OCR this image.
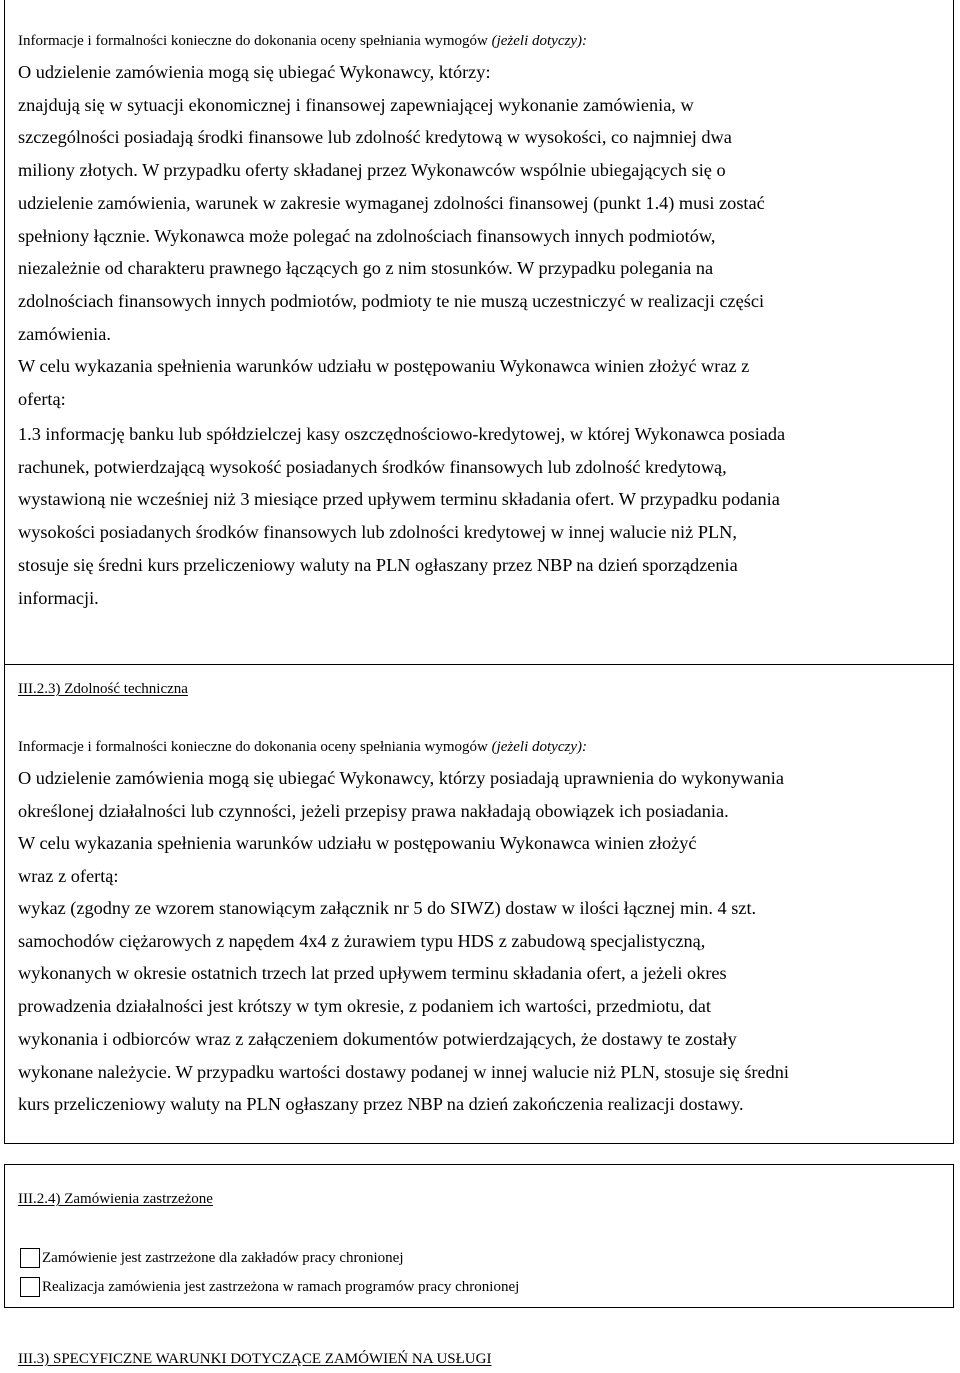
Informacje i formalności konieczne do dokonania oceny spełniania wymogów (jeżeli dotyczy):
O udzielenie zamówienia mogą się ubiegać Wykonawcy, którzy:
znajdują się w sytuacji ekonomicznej i finansowej zapewniającej wykonanie zamówienia, w
szczególności posiadają środki finansowe lub zdolność kredytową w wysokości, co najmniej dwa
miliony złotych. W przypadku oferty składanej przez Wykonawców wspólnie ubiegających się o
udzielenie zamówienia, warunek w zakresie wymaganej zdolności finansowej (punkt 1.4) musi zostać
spełniony łącznie. Wykonawca może polegać na zdolnościach finansowych innych podmiotów,
niezależnie od charakteru prawnego łączących go z nim stosunków. W przypadku polegania na
zdolnościach finansowych innych podmiotów, podmioty te nie muszą uczestniczyć w realizacji części
zamówienia.
W celu wykazania spełnienia warunków udziału w postępowaniu Wykonawca winien złożyć wraz z
ofertą:
1.3 informację banku lub spółdzielczej kasy oszczędnościowo-kredytowej, w której Wykonawca posiada
rachunek, potwierdzającą wysokość posiadanych środków finansowych lub zdolność kredytową,
wystawioną nie wcześniej niż 3 miesiące przed upływem terminu składania ofert. W przypadku podania
wysokości posiadanych środków finansowych lub zdolności kredytowej w innej walucie niż PLN,
stosuje się średni kurs przeliczeniowy waluty na PLN ogłaszany przez NBP na dzień sporządzenia
informacji.
III.2.3) Zdolność techniczna
Informacje i formalności konieczne do dokonania oceny spełniania wymogów (jeżeli dotyczy):
O udzielenie zamówienia mogą się ubiegać Wykonawcy, którzy posiadają uprawnienia do wykonywania
określonej działalności lub czynności, jeżeli przepisy prawa nakładają obowiązek ich posiadania.
W celu wykazania spełnienia warunków udziału w postępowaniu Wykonawca winien złożyć
wraz z ofertą:
wykaz (zgodny ze wzorem stanowiącym załącznik nr 5 do SIWZ) dostaw w ilości łącznej min. 4 szt.
samochodów ciężarowych z napędem 4x4 z żurawiem typu HDS z zabudową specjalistyczną,
wykonanych w okresie ostatnich trzech lat przed upływem terminu składania ofert, a jeżeli okres
prowadzenia działalności jest krótszy w tym okresie, z podaniem ich wartości, przedmiotu, dat
wykonania i odbiorców wraz z załączeniem dokumentów potwierdzających, że dostawy te zostały
wykonane należycie. W przypadku wartości dostawy podanej w innej walucie niż PLN, stosuje się średni
kurs przeliczeniowy waluty na PLN ogłaszany przez NBP na dzień zakończenia realizacji dostawy.
III.2.4) Zamówienia zastrzeżone
Zamówienie jest zastrzeżone dla zakładów pracy chronionej
Realizacja zamówienia jest zastrzeżona w ramach programów pracy chronionej
III.3) SPECYFICZNE WARUNKI DOTYCZĄCE ZAMÓWIEŃ NA USŁUGI
